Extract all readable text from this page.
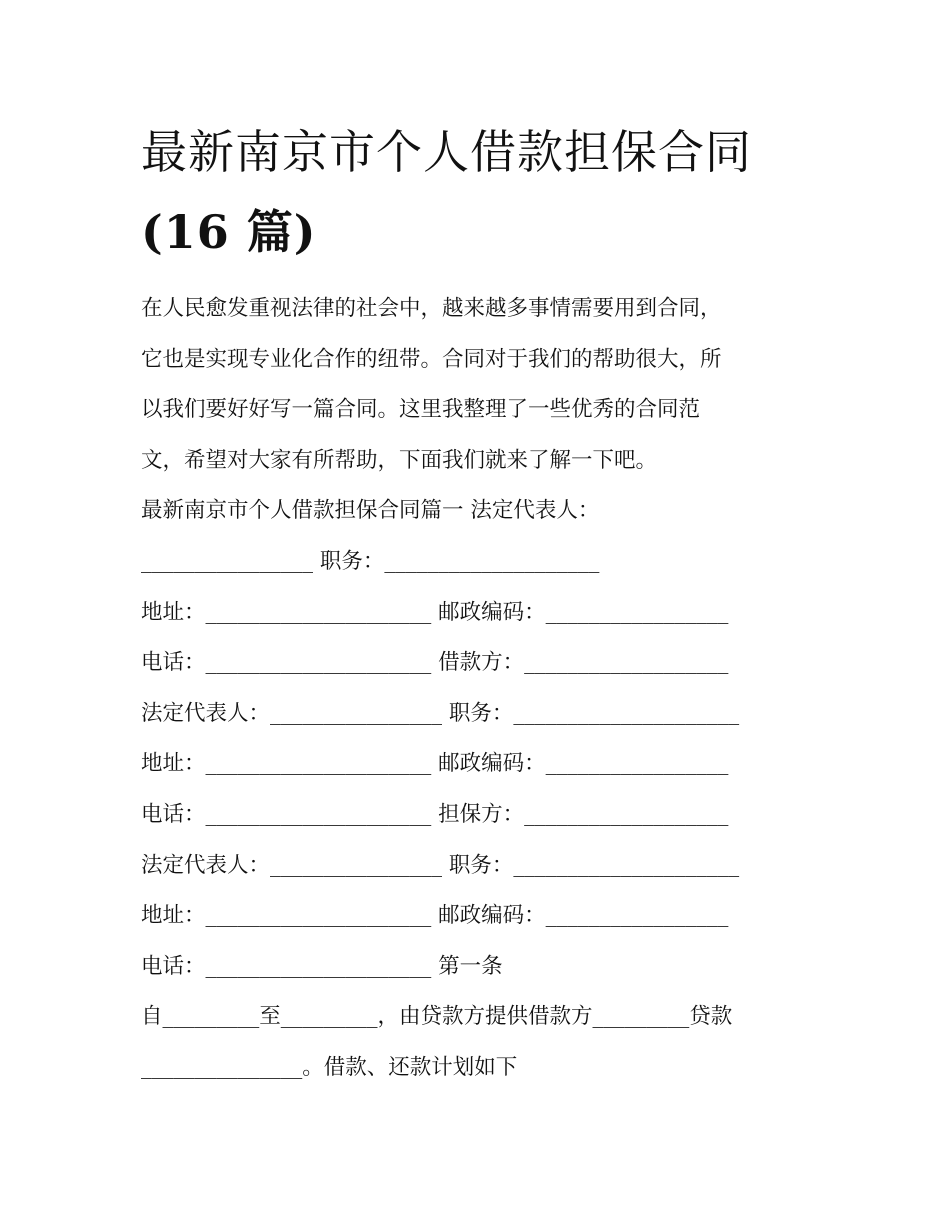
最新南京市个人借款担保合同
(16 篇)
在人民愈发重视法律的社会中，越来越多事情需要用到合同，
它也是实现专业化合作的纽带。合同对于我们的帮助很大，所
以我们要好好写一篇合同。这里我整理了一些优秀的合同范
文，希望对大家有所帮助，下面我们就来了解一下吧。
最新南京市个人借款担保合同篇一 法定代表人：
________________ 职务：____________________
地址：_____________________ 邮政编码：_________________
电话：_____________________ 借款方：___________________
法定代表人：________________ 职务：_____________________
地址：_____________________ 邮政编码：_________________
电话：_____________________ 担保方：___________________
法定代表人：________________ 职务：_____________________
地址：_____________________ 邮政编码：_________________
电话：_____________________ 第一条
自_________至_________，由贷款方提供借款方_________贷款
_______________。借款、还款计划如下
